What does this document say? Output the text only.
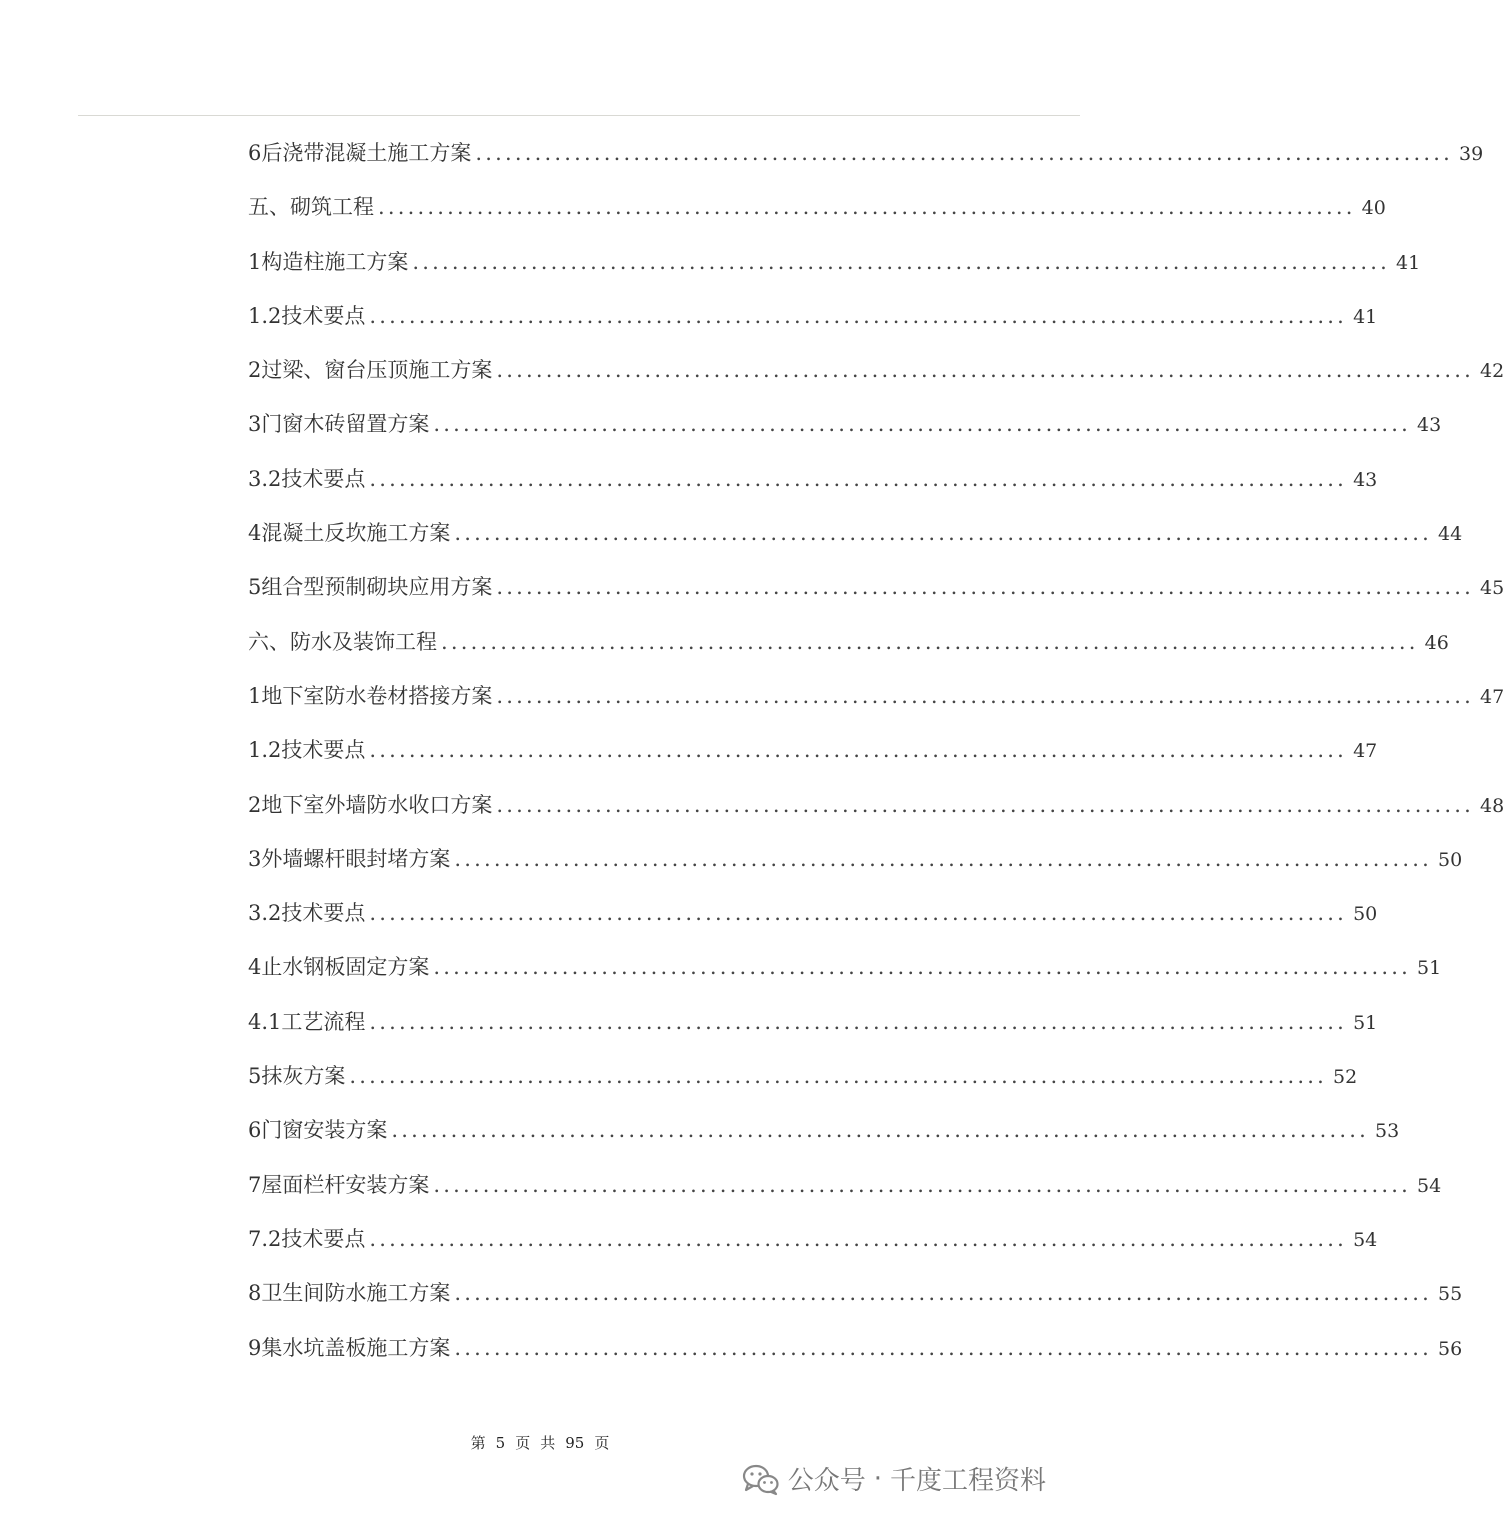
6后浇带混凝土施工方案 ................................................................................................... 39
五、砌筑工程 ................................................................................................... 40
1构造柱施工方案 ................................................................................................... 41
1.2技术要点 ................................................................................................... 41
2过梁、窗台压顶施工方案 ................................................................................................... 42
3门窗木砖留置方案 ................................................................................................... 43
3.2技术要点 ................................................................................................... 43
4混凝土反坎施工方案 ................................................................................................... 44
5组合型预制砌块应用方案 ................................................................................................... 45
六、防水及装饰工程 ................................................................................................... 46
1地下室防水卷材搭接方案 ................................................................................................... 47
1.2技术要点 ................................................................................................... 47
2地下室外墙防水收口方案 ................................................................................................... 48
3外墙螺杆眼封堵方案 ................................................................................................... 50
3.2技术要点 ................................................................................................... 50
4止水钢板固定方案 ................................................................................................... 51
4.1工艺流程 ................................................................................................... 51
5抹灰方案 ................................................................................................... 52
6门窗安装方案 ................................................................................................... 53
7屋面栏杆安装方案 ................................................................................................... 54
7.2技术要点 ................................................................................................... 54
8卫生间防水施工方案 ................................................................................................... 55
9集水坑盖板施工方案 ................................................................................................... 56
第 5 页 共 95 页
公众号 · 千度工程资料
